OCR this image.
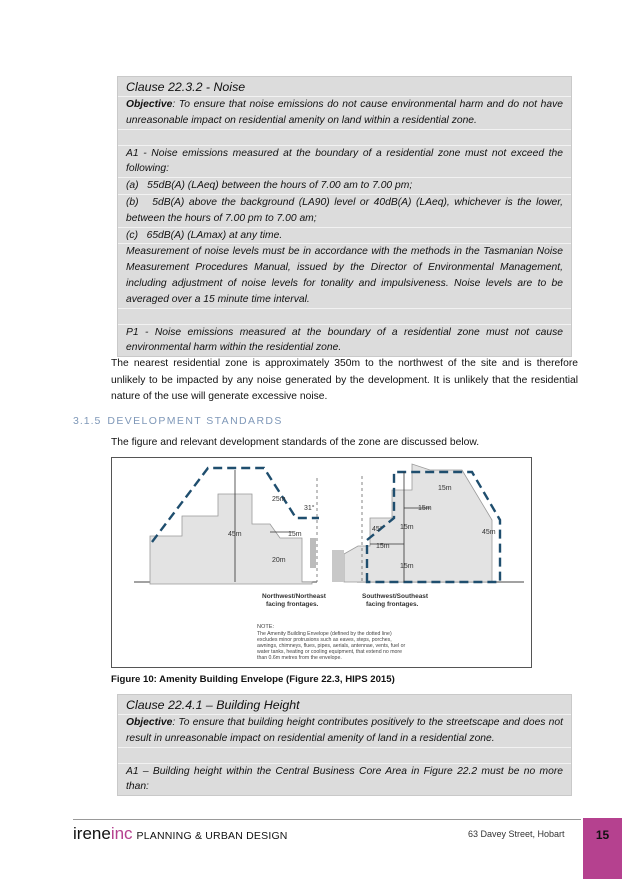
Clause 22.3.2 - Noise
Objective: To ensure that noise emissions do not cause environmental harm and do not have unreasonable impact on residential amenity on land within a residential zone.
A1 - Noise emissions measured at the boundary of a residential zone must not exceed the following:
(a)   55dB(A) (LAeq) between the hours of 7.00 am to 7.00 pm;
(b)   5dB(A) above the background (LA90) level or 40dB(A) (LAeq), whichever is the lower, between the hours of 7.00 pm to 7.00 am;
(c)   65dB(A) (LAmax) at any time.
Measurement of noise levels must be in accordance with the methods in the Tasmanian Noise Measurement Procedures Manual, issued by the Director of Environmental Management, including adjustment of noise levels for tonality and impulsiveness. Noise levels are to be averaged over a 15 minute time interval.
P1 - Noise emissions measured at the boundary of a residential zone must not cause environmental harm within the residential zone.
The nearest residential zone is approximately 350m to the northwest of the site and is therefore unlikely to be impacted by any noise generated by the development. It is unlikely that the residential nature of the use will generate excessive noise.
3.1.5 DEVELOPMENT STANDARDS
The figure and relevant development standards of the zone are discussed below.
25m
31°
45m	15m
20m
15m
15m
45° 15m
45m
15m
15m
Northwest/Northeast
facing frontages.
Southwest/Southeast
facing frontages.
NOTE:
The Amenity Building Envelope (defined by the dotted line)
excludes minor protrusions such as eaves, steps, porches,
awnings, chimneys, flues, pipes, aerials, antennae, vents, fuel or
water tanks, heating or cooling equipment, that extend no more
than 0.6m metres from the envelope.
Figure 10: Amenity Building Envelope (Figure 22.3, HIPS 2015)
Clause 22.4.1 – Building Height
Objective: To ensure that building height contributes positively to the streetscape and does not result in unreasonable impact on residential amenity of land in a residential zone.
A1 – Building height within the Central Business Core Area in Figure 22.2 must be no more than:
ireneinc PLANNING & URBAN DESIGN	63 Davey Street, Hobart	15
